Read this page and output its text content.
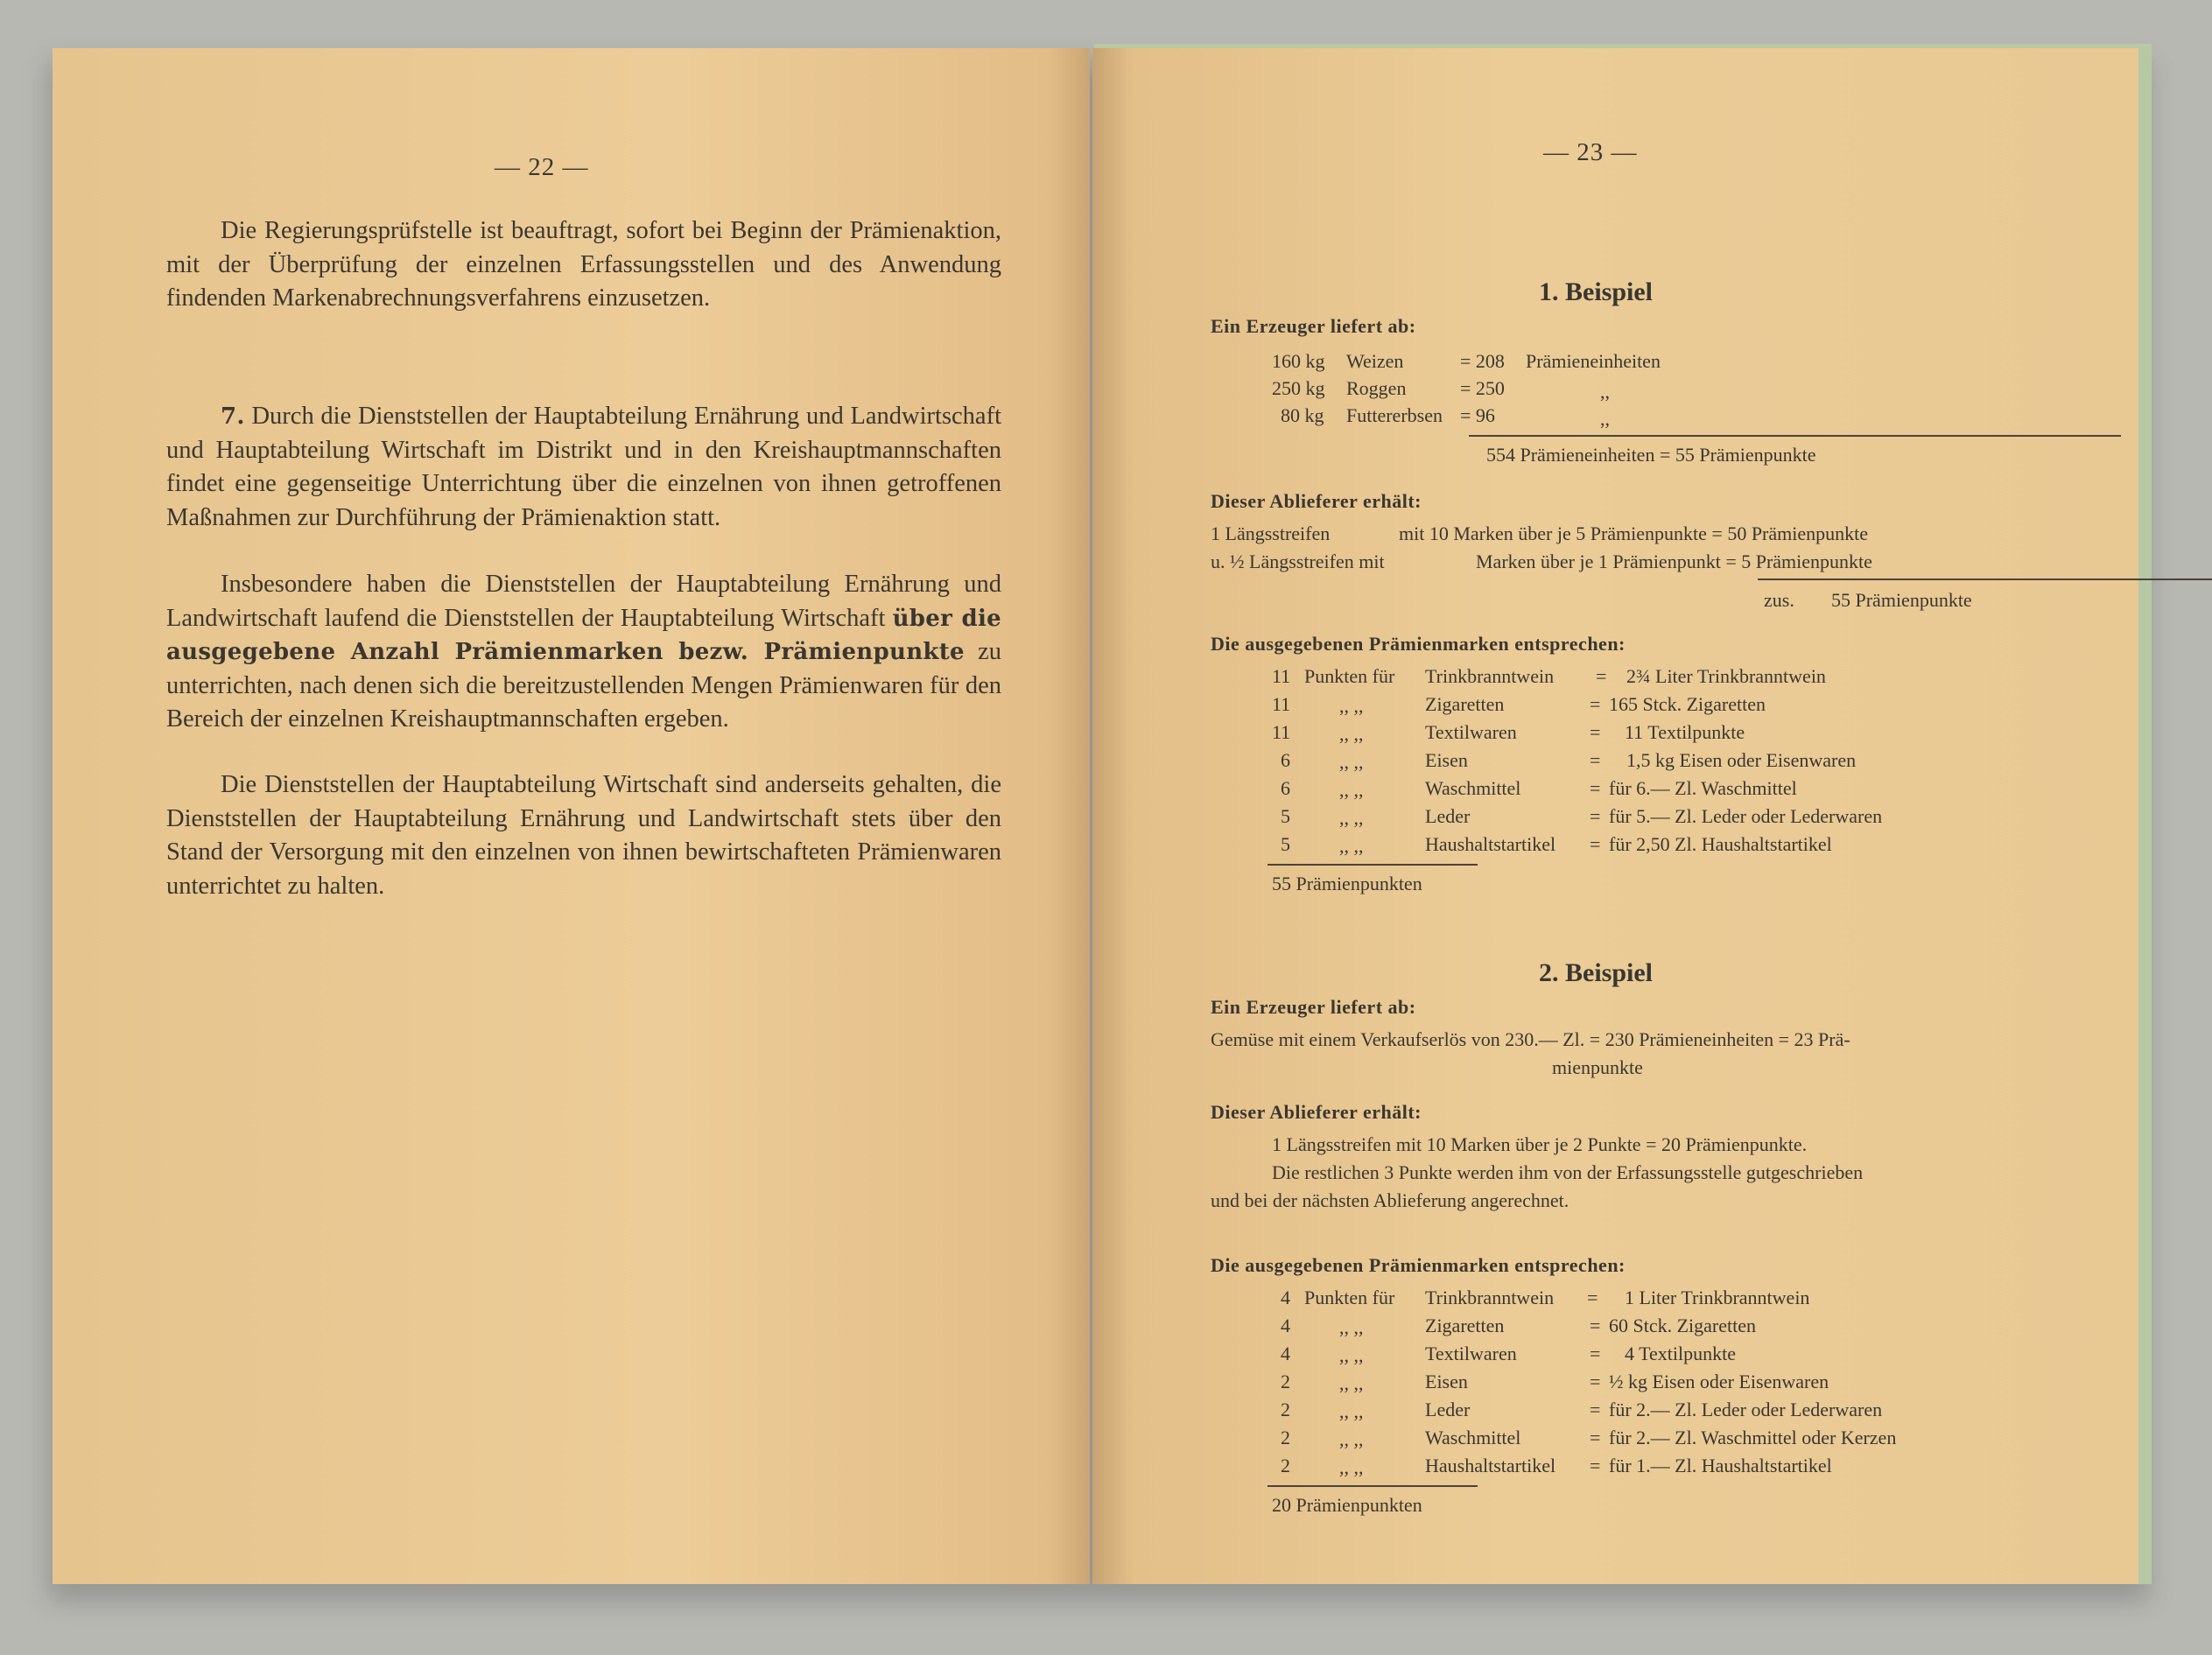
— 22 —

Die Regierungsprüfstelle ist beauftragt, sofort bei Beginn der Prämienaktion, mit der Überprüfung der einzelnen Erfassungsstellen und des Anwendung findenden Markenabrechnungsverfahrens einzusetzen.

7. Durch die Dienststellen der Hauptabteilung Ernährung und Landwirtschaft und Hauptabteilung Wirtschaft im Distrikt und in den Kreishauptmannschaften findet eine gegenseitige Unterrichtung über die einzelnen von ihnen getroffenen Maßnahmen zur Durchführung der Prämienaktion statt.

Insbesondere haben die Dienststellen der Hauptabteilung Ernährung und Landwirtschaft laufend die Dienststellen der Hauptabteilung Wirtschaft über die ausgegebene Anzahl Prämienmarken bezw. Prämienpunkte zu unterrichten, nach denen sich die bereitzustellenden Mengen Prämienwaren für den Bereich der einzelnen Kreishauptmannschaften ergeben.

Die Dienststellen der Hauptabteilung Wirtschaft sind anderseits gehalten, die Dienststellen der Hauptabteilung Ernährung und Landwirtschaft stets über den Stand der Versorgung mit den einzelnen von ihnen bewirtschafteten Prämienwaren unterrichtet zu halten.

— 23 —
1. Beispiel
Ein Erzeuger liefert ab:
160 kg Weizen	= 208 Prämieneinheiten
250 kg Roggen	= 250	,,
80 kg Futtererbsen = 96	,,
554 Prämieneinheiten = 55 Prämienpunkte
Dieser Ablieferer erhält:
1 Längsstreifen	mit 10 Marken über je 5 Prämienpunkte = 50 Prämienpunkte
u. ½ Längsstreifen mit	Marken über je 1 Prämienpunkt = 5 Prämienpunkte
zus. 55 Prämienpunkte
Die ausgegebenen Prämienmarken entsprechen:
11 Punkten für Trinkbranntwein = 2¾ Liter Trinkbranntwein
11	,, ,,	Zigaretten	= 165 Stck. Zigaretten
11	,, ,,	Textilwaren	= 11 Textilpunkte
6	,, ,,	Eisen	= 1,5 kg Eisen oder Eisenwaren
6	,, ,,	Waschmittel	= für 6.— Zl. Waschmittel
5	,, ,,	Leder	= für 5.— Zl. Leder oder Lederwaren
5	,, ,,	Haushaltstartikel = für 2,50 Zl. Haushaltstartikel
55 Prämienpunkten
2. Beispiel
Ein Erzeuger liefert ab:
Gemüse mit einem Verkaufserlös von 230.— Zl. = 230 Prämieneinheiten = 23 Prä-
mienpunkte
Dieser Ablieferer erhält:
1 Längsstreifen mit 10 Marken über je 2 Punkte = 20 Prämienpunkte.
Die restlichen 3 Punkte werden ihm von der Erfassungsstelle gutgeschrieben
und bei der nächsten Ablieferung angerechnet.
Die ausgegebenen Prämienmarken entsprechen:
4 Punkten für Trinkbranntwein = 1 Liter Trinkbranntwein
4	,, ,,	Zigaretten	= 60 Stck. Zigaretten
4	,, ,,	Textilwaren	= 4 Textilpunkte
2	,, ,,	Eisen	= ½ kg Eisen oder Eisenwaren
2	,, ,,	Leder	= für 2.— Zl. Leder oder Lederwaren
2	,, ,,	Waschmittel	= für 2.— Zl. Waschmittel oder Kerzen
2	,, ,,	Haushaltstartikel = für 1.— Zl. Haushaltstartikel
20 Prämienpunkten
